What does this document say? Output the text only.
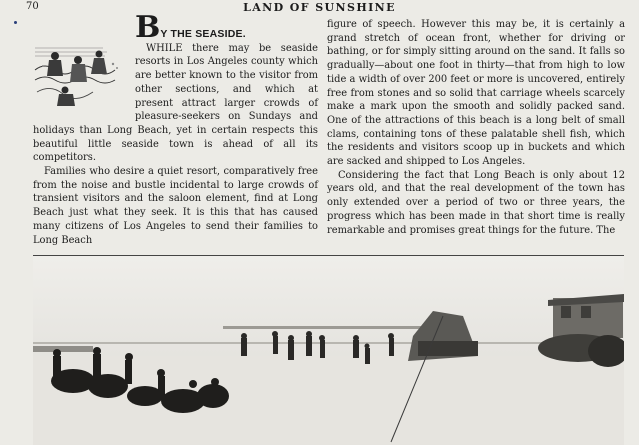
70	LAND OF SUNSHINE

BY THE SEASIDE.

WHILE there may be seaside resorts in Los Angeles county which are better known to the visitor from other sections, and which at present attract larger crowds of pleasure-seekers on Sundays and holidays than Long Beach, yet in certain respects this beautiful little seaside town is ahead of all its competitors.

Families who desire a quiet resort, comparatively free from the noise and bustle incidental to large crowds of transient visitors and the saloon element, find at Long Beach just what they seek. It is this that has caused many citizens of Los Angeles to send their families to Long Beach

figure of speech. However this may be, it is certainly a grand stretch of ocean front, whether for driving or bathing, or for simply sitting around on the sand. It falls so gradually—about one foot in thirty—that from high to low tide a width of over 200 feet or more is uncovered, entirely free from stones and so solid that carriage wheels scarcely make a mark upon the smooth and solidly packed sand. One of the attractions of this beach is a long belt of small clams, containing tons of these palatable shell fish, which the residents and visitors scoop up in buckets and which are sacked and shipped to Los Angeles.

Considering the fact that Long Beach is only about 12 years old, and that the real development of the town has only extended over a period of two or three years, the progress which has been made in that short time is really remarkable and promises great things for the future. The
